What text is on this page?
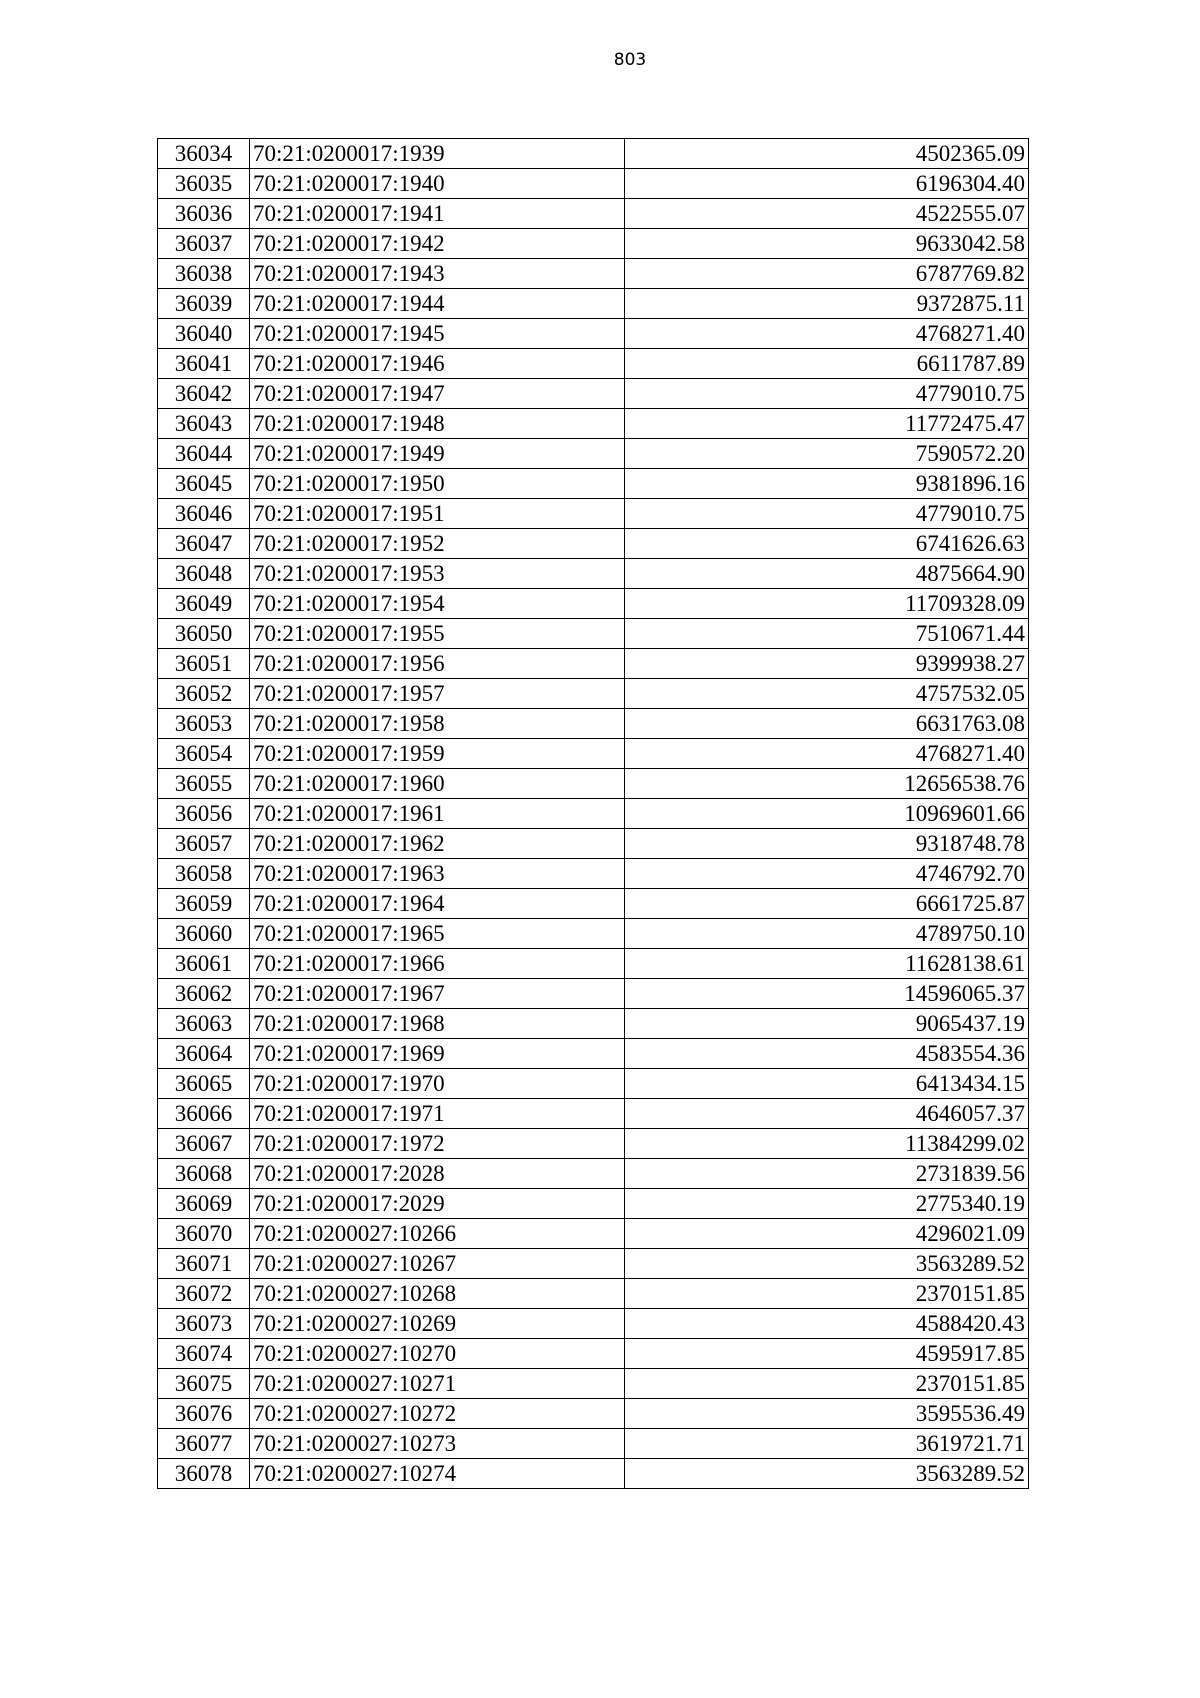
803
36034	70:21:0200017:1939	4502365.09
36035	70:21:0200017:1940	6196304.40
36036	70:21:0200017:1941	4522555.07
36037	70:21:0200017:1942	9633042.58
36038	70:21:0200017:1943	6787769.82
36039	70:21:0200017:1944	9372875.11
36040	70:21:0200017:1945	4768271.40
36041	70:21:0200017:1946	6611787.89
36042	70:21:0200017:1947	4779010.75
36043	70:21:0200017:1948	11772475.47
36044	70:21:0200017:1949	7590572.20
36045	70:21:0200017:1950	9381896.16
36046	70:21:0200017:1951	4779010.75
36047	70:21:0200017:1952	6741626.63
36048	70:21:0200017:1953	4875664.90
36049	70:21:0200017:1954	11709328.09
36050	70:21:0200017:1955	7510671.44
36051	70:21:0200017:1956	9399938.27
36052	70:21:0200017:1957	4757532.05
36053	70:21:0200017:1958	6631763.08
36054	70:21:0200017:1959	4768271.40
36055	70:21:0200017:1960	12656538.76
36056	70:21:0200017:1961	10969601.66
36057	70:21:0200017:1962	9318748.78
36058	70:21:0200017:1963	4746792.70
36059	70:21:0200017:1964	6661725.87
36060	70:21:0200017:1965	4789750.10
36061	70:21:0200017:1966	11628138.61
36062	70:21:0200017:1967	14596065.37
36063	70:21:0200017:1968	9065437.19
36064	70:21:0200017:1969	4583554.36
36065	70:21:0200017:1970	6413434.15
36066	70:21:0200017:1971	4646057.37
36067	70:21:0200017:1972	11384299.02
36068	70:21:0200017:2028	2731839.56
36069	70:21:0200017:2029	2775340.19
36070	70:21:0200027:10266	4296021.09
36071	70:21:0200027:10267	3563289.52
36072	70:21:0200027:10268	2370151.85
36073	70:21:0200027:10269	4588420.43
36074	70:21:0200027:10270	4595917.85
36075	70:21:0200027:10271	2370151.85
36076	70:21:0200027:10272	3595536.49
36077	70:21:0200027:10273	3619721.71
36078	70:21:0200027:10274	3563289.52
